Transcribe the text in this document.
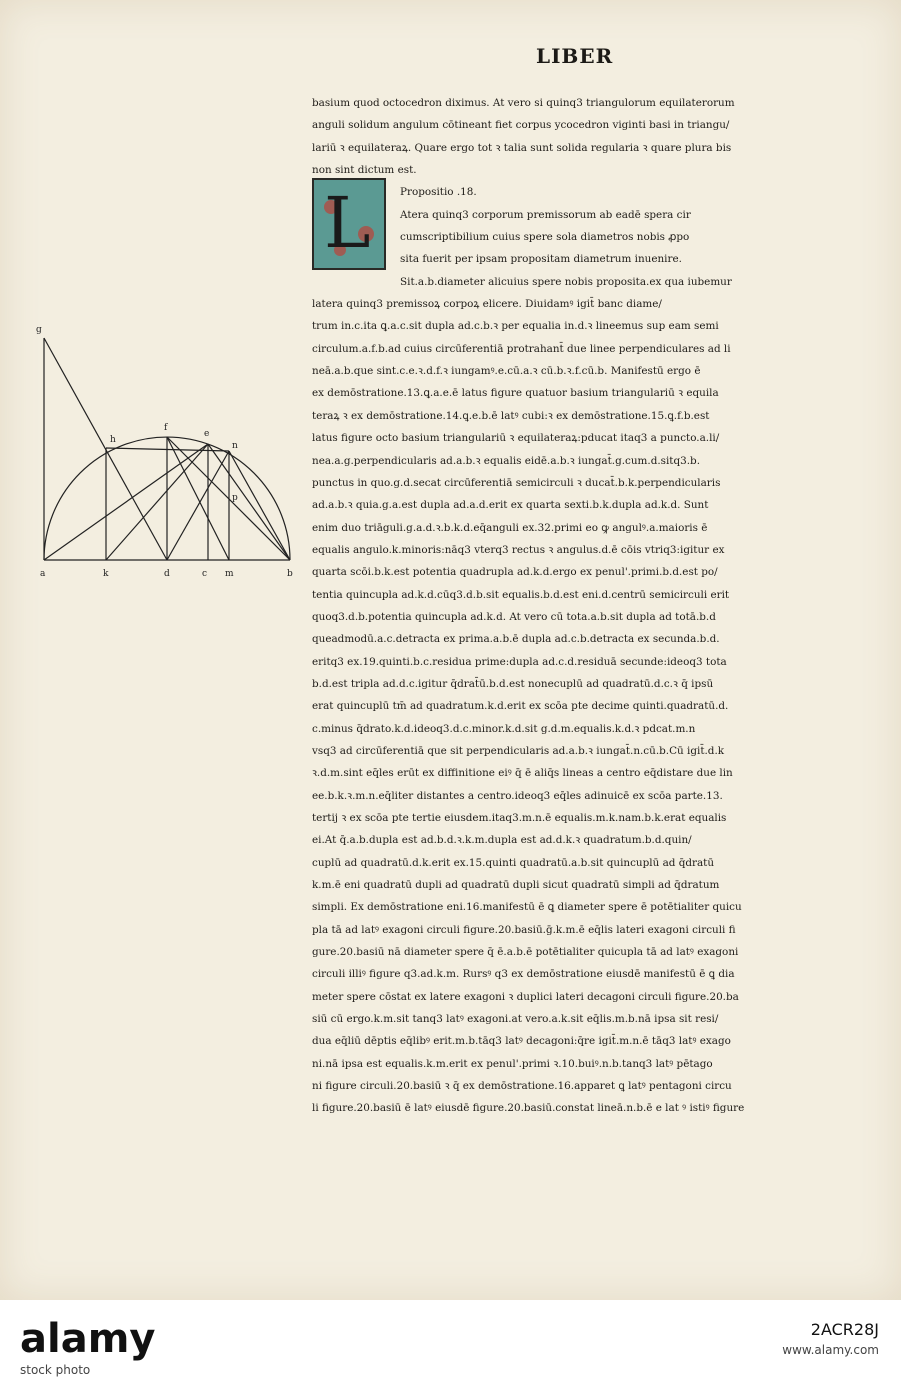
LIBER
L
basium quod octocedron diximus. At vero si quinq3 triangulorum equilaterorum
anguli solidum angulum cōtineant fiet corpus ycocedron viginti basi in triangu/
lariū ꝛ equilateraꝝ. Quare ergo tot ꝛ talia sunt solida regularia ꝛ quare plura bis
non sint dictum est.
Propositio .18.
Atera quinq3 corporum premissorum ab eadē spera cir
cumscriptibilium cuius spere sola diametros nobis ꝓpo
sita fuerit per ipsam propositam diametrum inuenire.
Sit.a.b.diameter alicuius spere nobis proposita.ex qua iubemur
latera quinq3 premissoꝝ corpoꝝ elicere. Diuidamꝰ igit̄ banc diame/
trum in.c.ita ꝗ.a.c.sit dupla ad.c.b.ꝛ per equalia in.d.ꝛ lineemus sup eam semi
circulum.a.f.b.ad cuius circūferentiā protrahant̄ due linee perpendiculares ad li
neā.a.b.que sint.c.e.ꝛ.d.f.ꝛ iungamꝰ.e.cū.a.ꝛ cū.b.ꝛ.f.cū.b. Manifestū ergo ē
ex demōstratione.13.ꝗ.a.e.ē latus figure quatuor basium triangulariū ꝛ equila
teraꝝ ꝛ ex demōstratione.14.ꝗ.e.b.ē latꝰ cubi:ꝛ ex demōstratione.15.ꝗ.f.b.est
latus figure octo basium triangulariū ꝛ equilateraꝝ:pducat itaq3 a puncto.a.li/
nea.a.g.perpendicularis ad.a.b.ꝛ equalis eidē.a.b.ꝛ iungat̄.g.cum.d.sitq3.b.
punctus in quo.g.d.secat circūferentiā semicirculi ꝛ ducat̄.b.k.perpendicularis
ad.a.b.ꝛ quia.g.a.est dupla ad.a.d.erit ex quarta sexti.b.k.dupla ad.k.d. Sunt
enim duo triāguli.g.a.d.ꝛ.b.k.d.eq̄anguli ex.32.primi eo ꝙ angulꝰ.a.maioris ē
equalis angulo.k.minoris:nāq3 vterq3 rectus ꝛ angulus.d.ē cōis vtriq3:igitur ex
quarta scōi.b.k.est potentia quadrupla ad.k.d.ergo ex penul'.primi.b.d.est po/
tentia quincupla ad.k.d.cūq3.d.b.sit equalis.b.d.est eni.d.centrū semicirculi erit
quoq3.d.b.potentia quincupla ad.k.d. At vero cū tota.a.b.sit dupla ad totā.b.d
queadmodū.a.c.detracta ex prima.a.b.ē dupla ad.c.b.detracta ex secunda.b.d.
eritq3 ex.19.quinti.b.c.residua prime:dupla ad.c.d.residuā secunde:ideoq3 tota
b.d.est tripla ad.d.c.igitur q̄drat̄ū.b.d.est nonecuplū ad quadratū.d.c.ꝛ q̄ ipsū
erat quincuplū tm̄ ad quadratum.k.d.erit ex scōa pte decime quinti.quadratū.d.
c.minus q̄drato.k.d.ideoq3.d.c.minor.k.d.sit g.d.m.equalis.k.d.ꝛ pdcat.m.n
vsq3 ad circūferentiā que sit perpendicularis ad.a.b.ꝛ iungat̄.n.cū.b.Cū igit̄.d.k
ꝛ.d.m.sint eq̄les erūt ex diffinitione eiꝰ q̄ ē aliq̄s lineas a centro eq̄distare due lin
ee.b.k.ꝛ.m.n.eq̄liter distantes a centro.ideoq3 eq̄les adinuicē ex scōa parte.13.
tertij ꝛ ex scōa pte tertie eiusdem.itaq3.m.n.ē equalis.m.k.nam.b.k.erat equalis
ei.At q̄.a.b.dupla est ad.b.d.ꝛ.k.m.dupla est ad.d.k.ꝛ quadratum.b.d.quin/
cuplū ad quadratū.d.k.erit ex.15.quinti quadratū.a.b.sit quincuplū ad q̄dratū
k.m.ē eni quadratū dupli ad quadratū dupli sicut quadratū simpli ad q̄dratum
simpli. Ex demōstratione eni.16.manifestū ē ꝗ diameter spere ē potētialiter quicu
pla tā ad latꝰ exagoni circuli figure.20.basiū.ḡ.k.m.ē eq̄lis lateri exagoni circuli fi
gure.20.basiū nā diameter spere q̄ ē.a.b.ē potētialiter quicupla tā ad latꝰ exagoni
circuli illiꝰ figure q3.ad.k.m. Rursꝰ q3 ex demōstratione eiusdē manifestū ē ꝗ dia
meter spere cōstat ex latere exagoni ꝛ duplici lateri decagoni circuli figure.20.ba
siū cū ergo.k.m.sit tanq3 latꝰ exagoni.at vero.a.k.sit eq̄lis.m.b.nā ipsa sit resi/
dua eq̄liū dēptis eq̄libꝰ erit.m.b.tāq3 latꝰ decagoni:q̄re igit̄.m.n.ē tāq3 latꝰ exago
ni.nā ipsa est equalis.k.m.erit ex penul'.primi ꝛ.10.buiꝰ.n.b.tanq3 latꝰ pētago
ni figure circuli.20.basiū ꝛ q̄ ex demōstratione.16.apparet ꝗ latꝰ pentagoni circu
li figure.20.basiū ē latꝰ eiusdē figure.20.basiū.constat lineā.n.b.ē e lat ꝰ istiꝰ figure
g
h
f
e
n
p
a	k	d	c m	b
alamy
stock photo
2ACR28J
www.alamy.com
